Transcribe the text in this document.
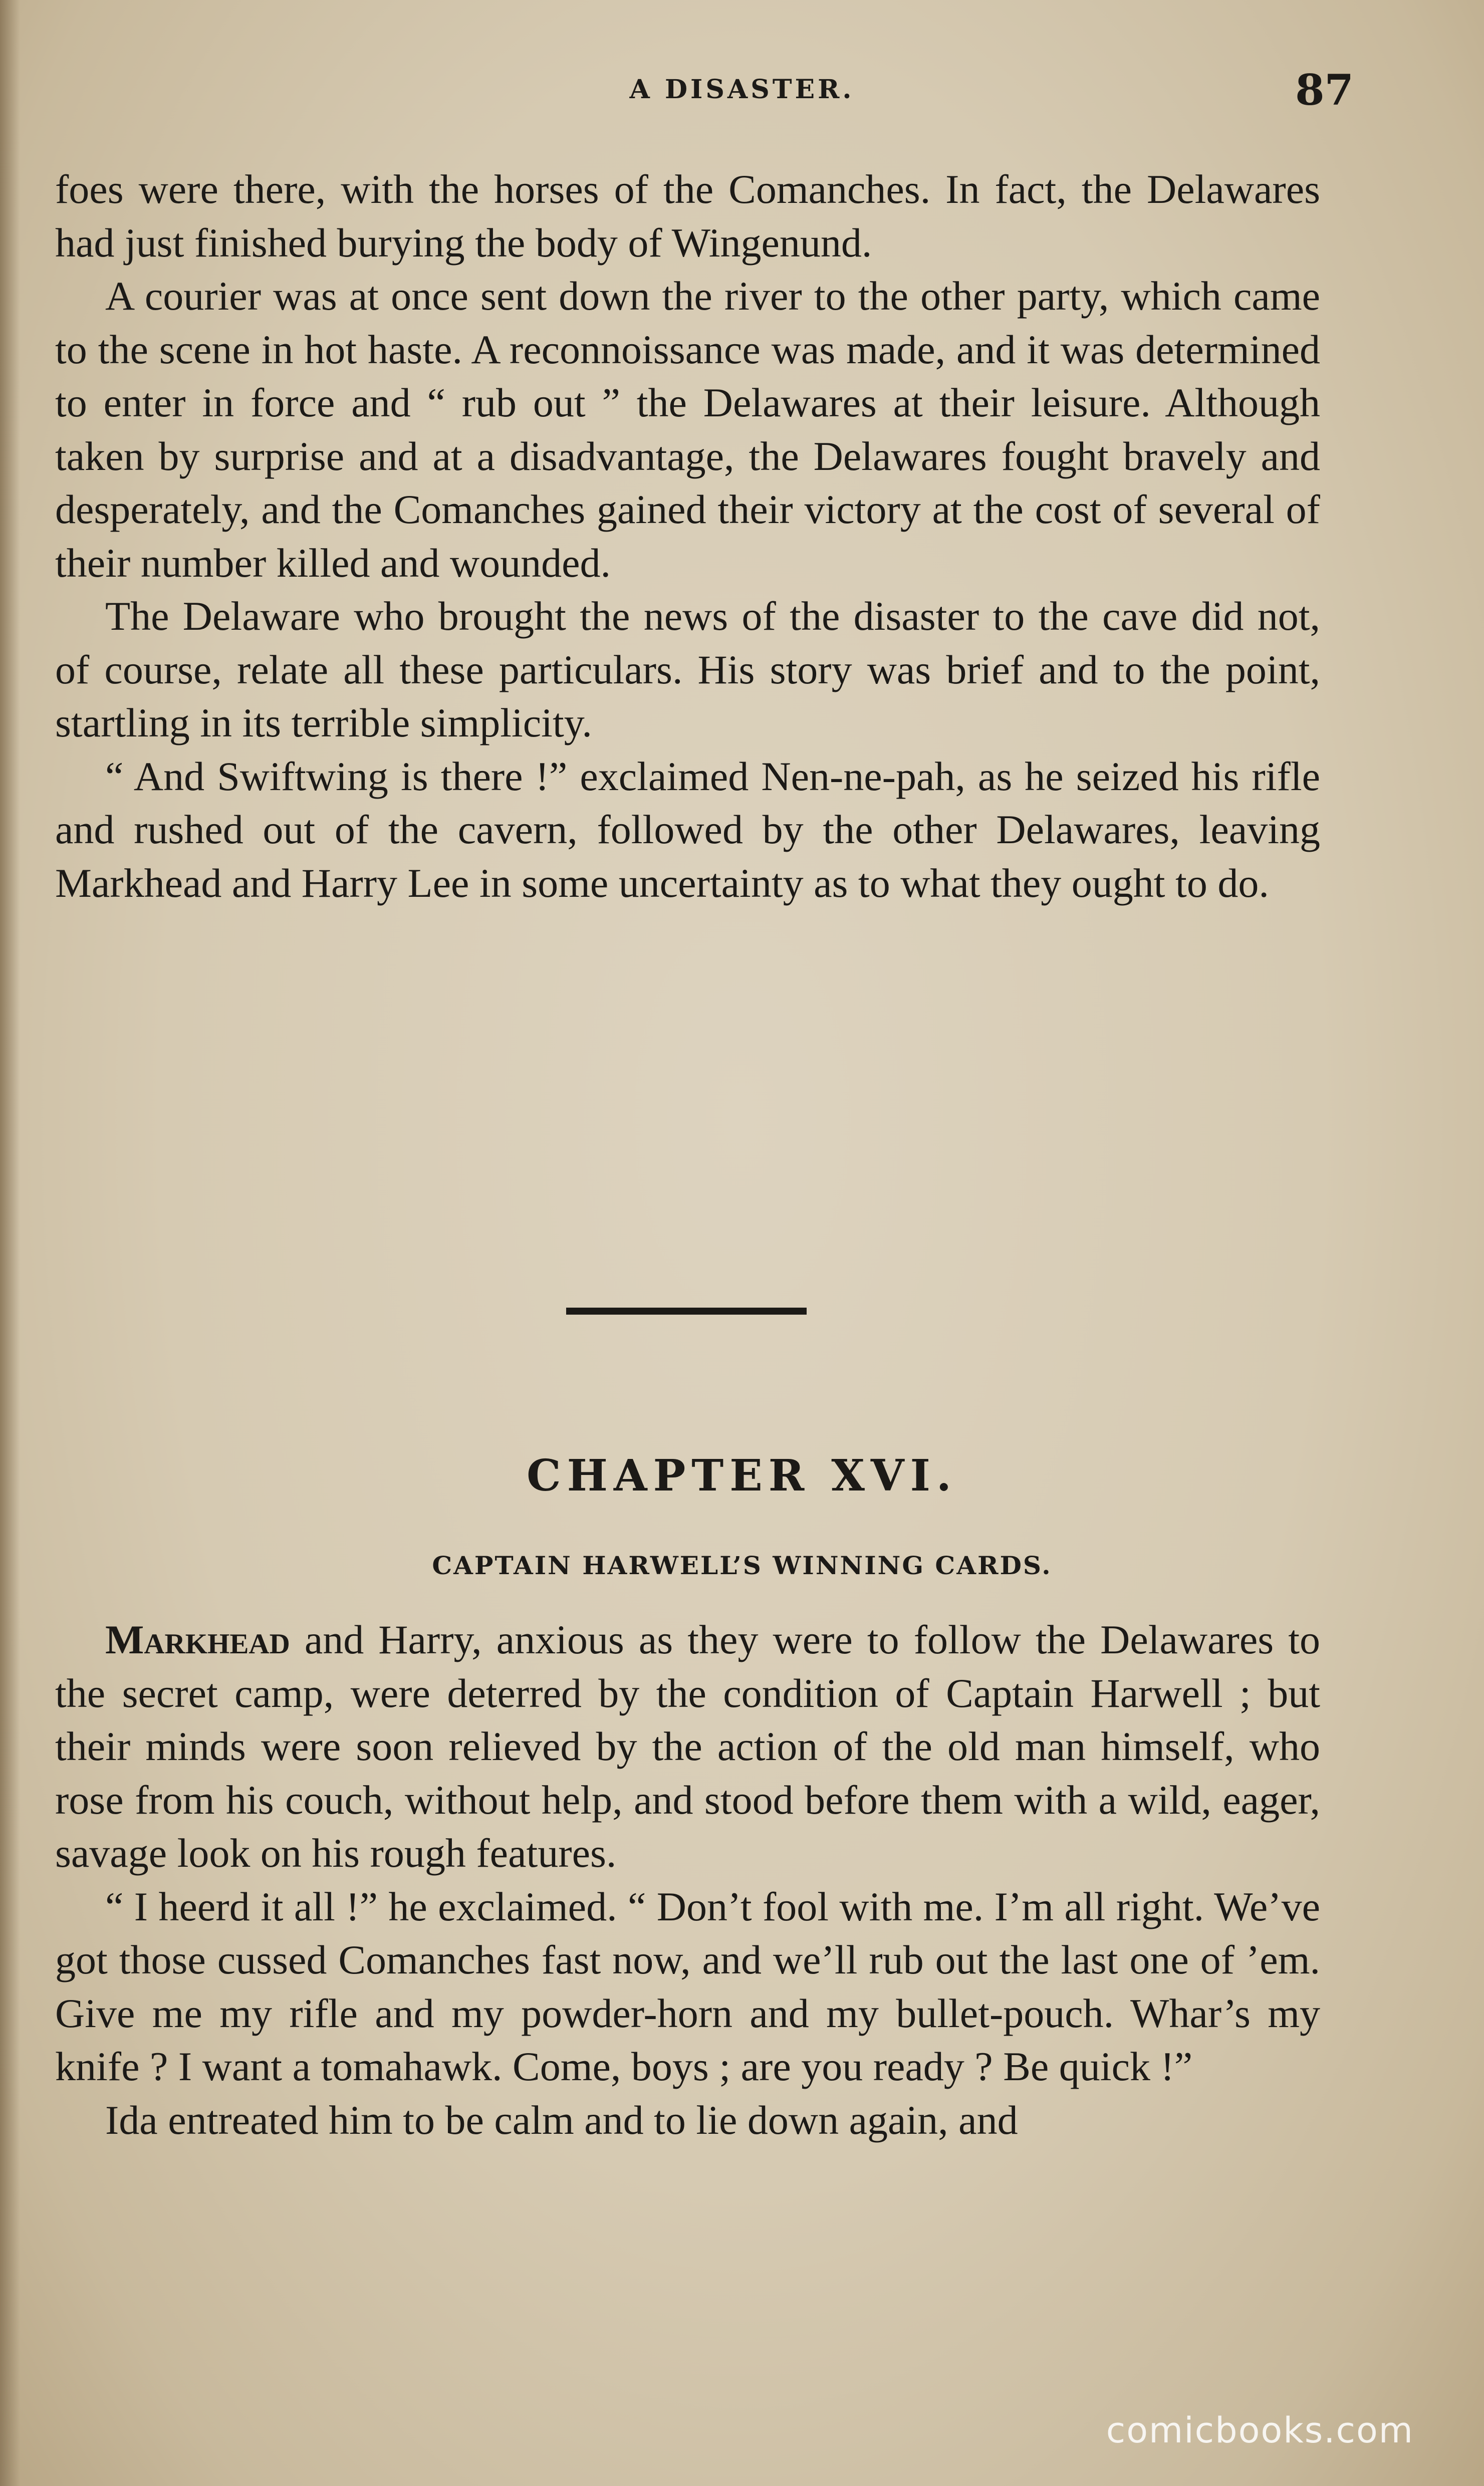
A DISASTER.	87

foes were there, with the horses of the Comanches. In fact, the Delawares had just finished burying the body of Wingenund.

A courier was at once sent down the river to the other party, which came to the scene in hot haste. A reconnoissance was made, and it was determined to enter in force and “ rub out ” the Delawares at their leisure. Although taken by surprise and at a disadvantage, the Delawares fought bravely and desperately, and the Comanches gained their victory at the cost of several of their number killed and wounded.

The Delaware who brought the news of the disaster to the cave did not, of course, relate all these particulars. His story was brief and to the point, startling in its terrible simplicity.

“ And Swiftwing is there !” exclaimed Nen-ne-pah, as he seized his rifle and rushed out of the cavern, followed by the other Delawares, leaving Markhead and Harry Lee in some uncertainty as to what they ought to do.

CHAPTER XVI.
CAPTAIN HARWELL’S WINNING CARDS.

Markhead and Harry, anxious as they were to follow the Delawares to the secret camp, were deterred by the condition of Captain Harwell ; but their minds were soon relieved by the action of the old man himself, who rose from his couch, without help, and stood before them with a wild, eager, savage look on his rough features.

“ I heerd it all !” he exclaimed. “ Don’t fool with me. I’m all right. We’ve got those cussed Comanches fast now, and we’ll rub out the last one of ’em. Give me my rifle and my powder-horn and my bullet-pouch. Whar’s my knife ? I want a tomahawk. Come, boys ; are you ready ? Be quick !”

Ida entreated him to be calm and to lie down again, and

comicbooks.com
